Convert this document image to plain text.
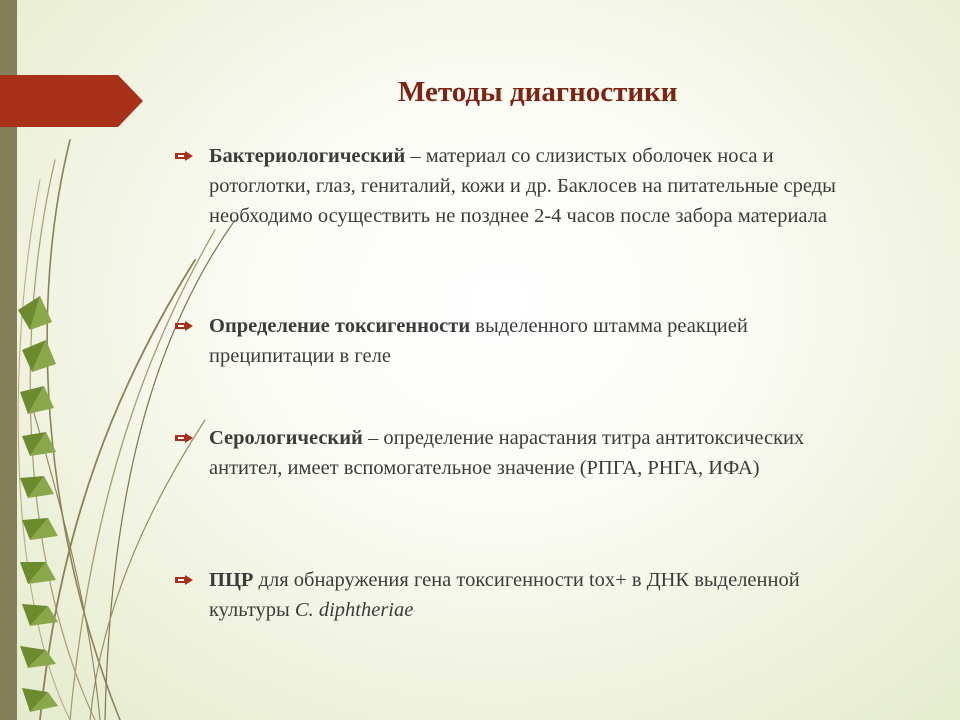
Методы диагностики
Бактериологический – материал со слизистых оболочек носа и ротоглотки, глаз, гениталий, кожи и др. Баклосев на питательные среды необходимо осуществить не позднее 2-4 часов после забора материала
Определение токсигенности выделенного штамма реакцией преципитации в геле
Серологический – определение нарастания титра антитоксических антител, имеет вспомогательное значение (РПГА, РНГА, ИФА)
ПЦР для обнаружения гена токсигенности tox+ в ДНК выделенной культуры C. diphtheriae
